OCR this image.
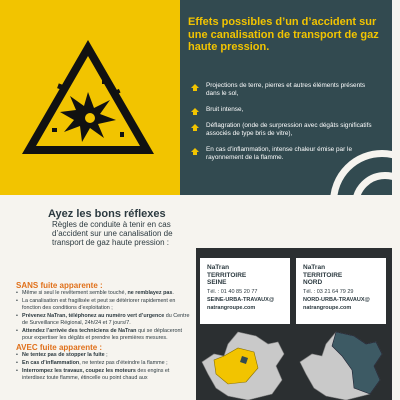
Effets possibles d’un d’accident sur une canalisation de transport de gaz haute pression.
Projections de terre, pierres et autres éléments présents dans le sol,
Bruit intense,
Déflagration (onde de surpression avec dégâts significatifs associés de type bris de vitre),
En cas d’inflammation, intense chaleur émise par le rayonnement de la flamme.
Ayez les bons réflexes
Règles de conduite à tenir en cas d’accident sur une canalisation de transport de gaz haute pression :
SANS fuite apparente :
• Même si seul le revêtement semble touché, ne remblayez pas.
• La canalisation est fragilisée et peut se détériorer rapidement en fonction des conditions d’exploitation ;
• Prévenez NaTran, téléphonez au numéro vert d’urgence du Centre de Surveillance Régional, 24h/24 et 7 jours/7.
• Attendez l’arrivée des techniciens de NaTran qui se déplaceront pour expertiser les dégâts et prendre les premières mesures.
AVEC fuite apparente :
• Ne tentez pas de stopper la fuite ;
• En cas d’inflammation, ne tentez pas d’éteindre la flamme ;
• Interrompez les travaux, coupez les moteurs des engins et interdisez toute flamme, étincelle ou point chaud aux
NaTran TERRITOIRE SEINE
Tél. : 01 40 85 20 77
SEINE-URBA-TRAVAUX@
natrangroupe.com
NaTran TERRITOIRE NORD
Tél. : 03 21 64 79 29
NORD-URBA-TRAVAUX@
natrangroupe.com
